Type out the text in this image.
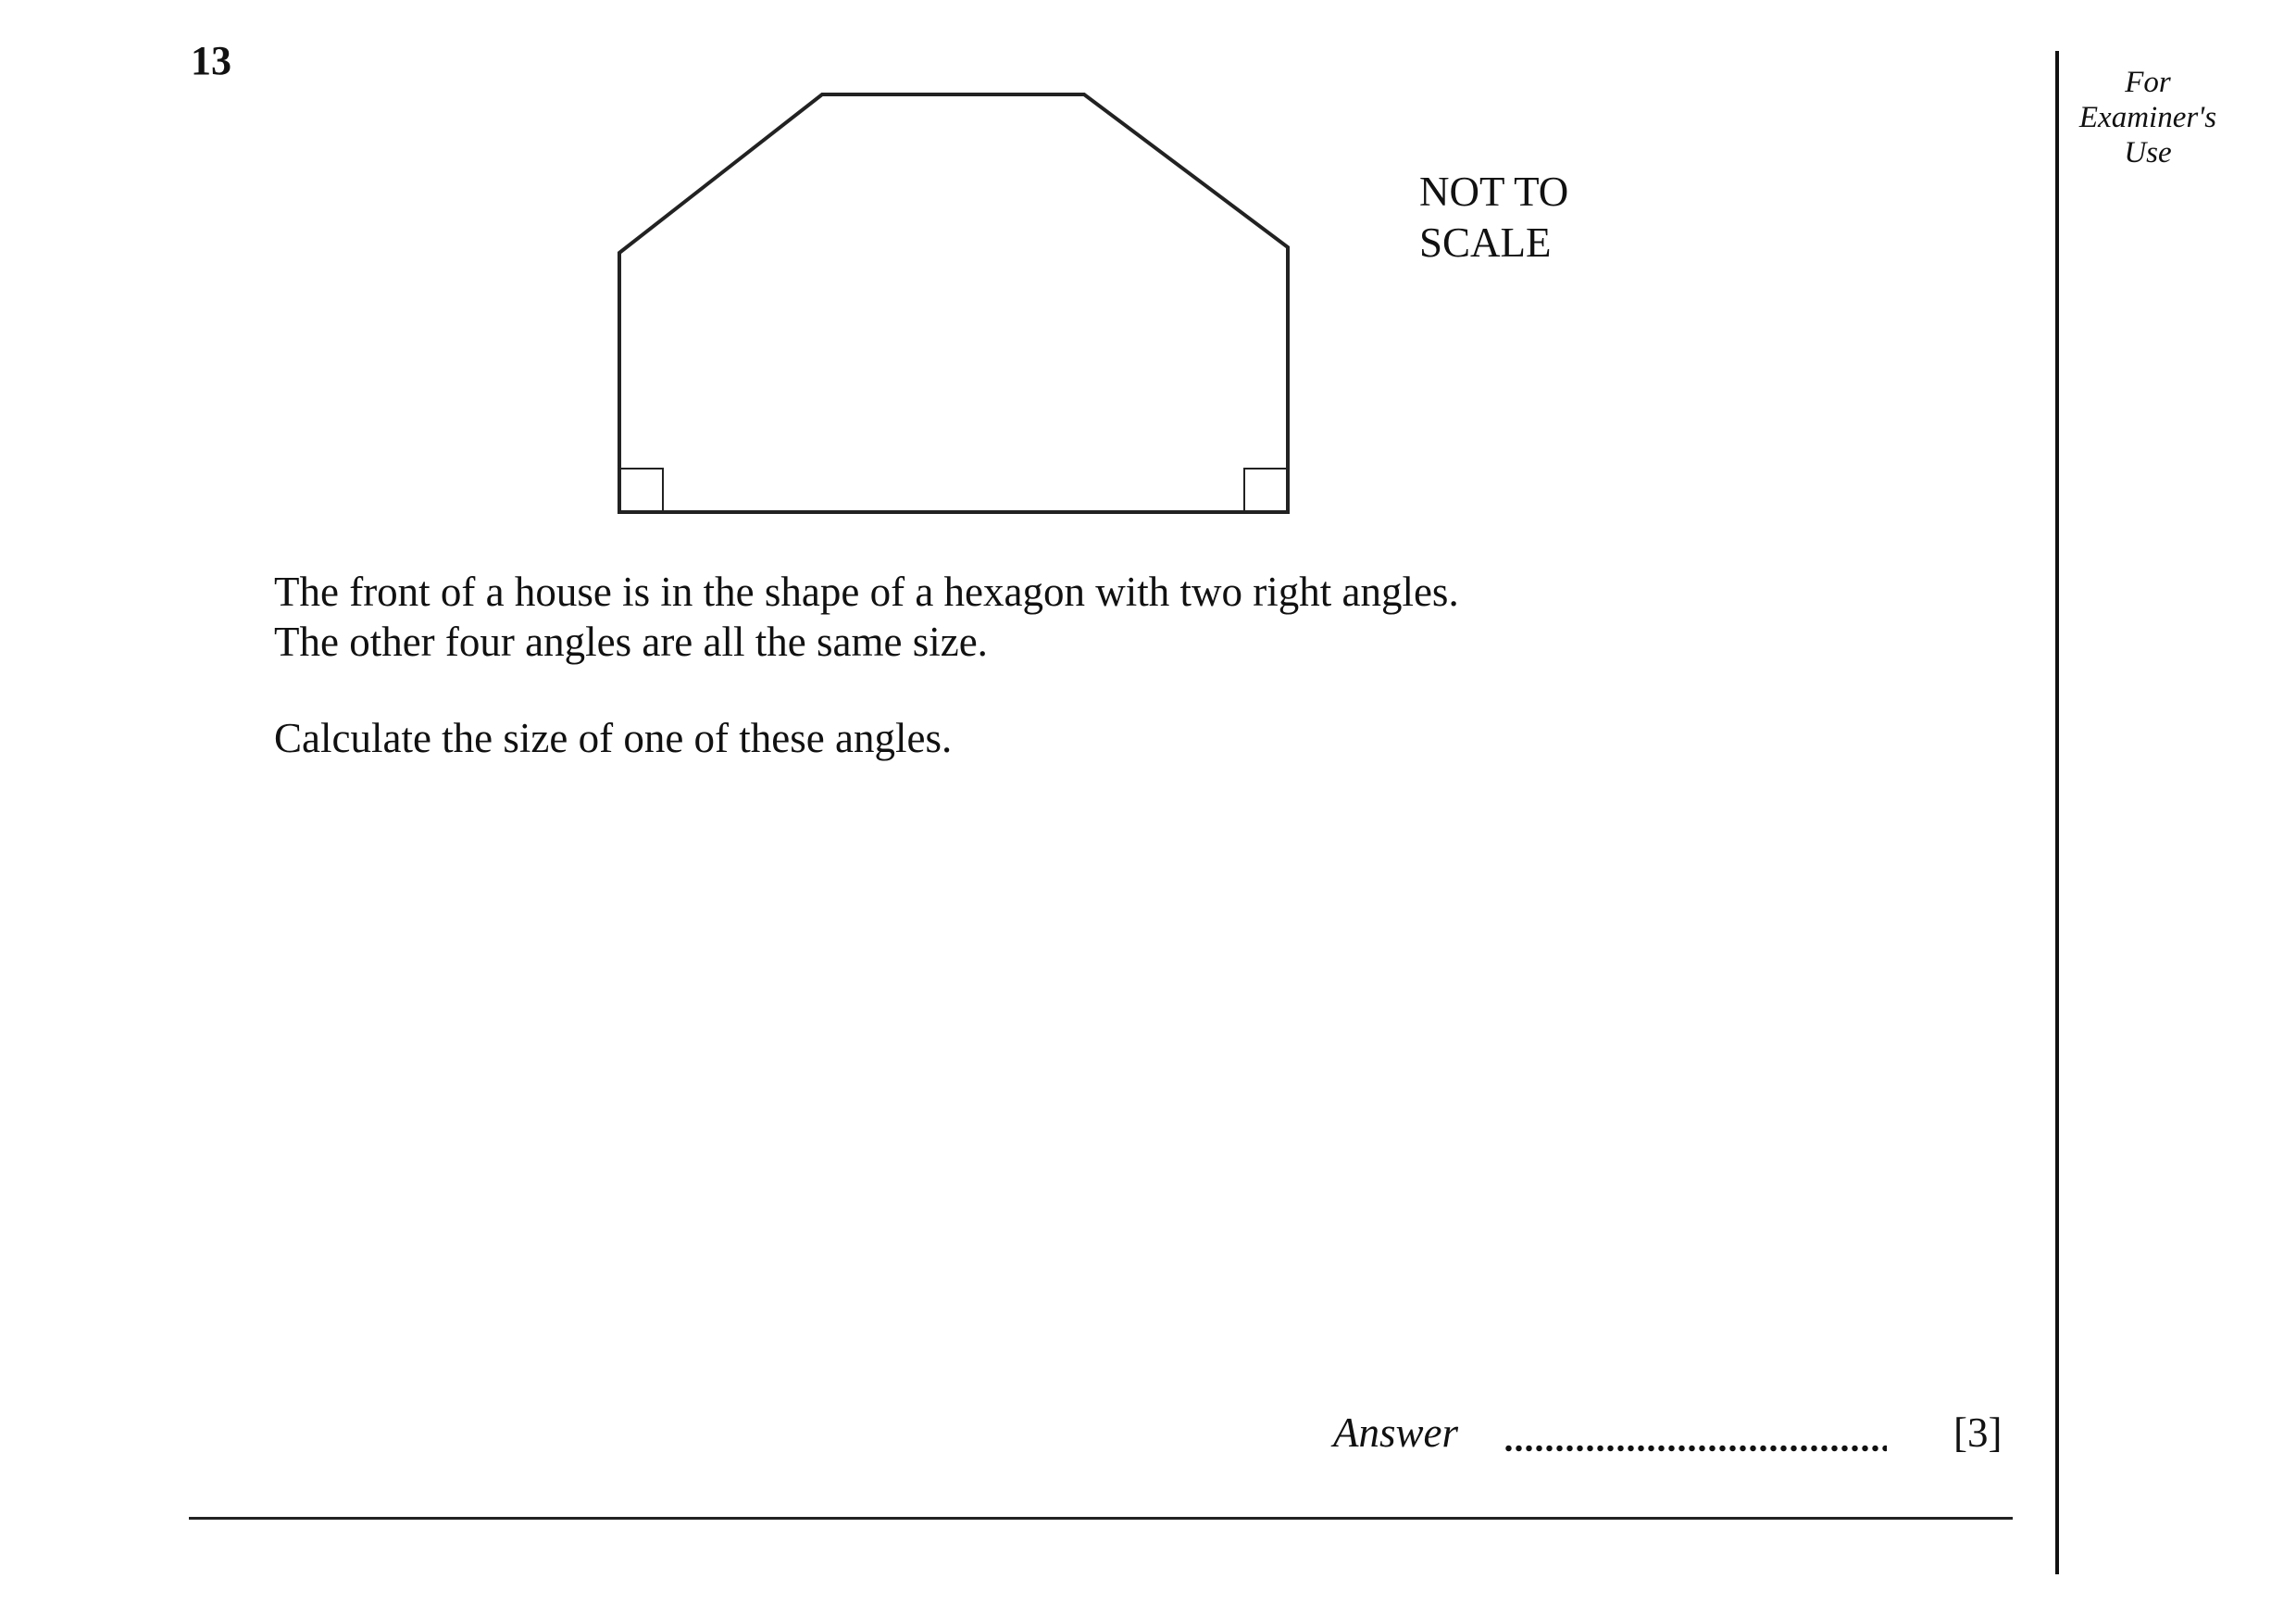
13
NOT TO
SCALE

The front of a house is in the shape of a hexagon with two right angles.

The other four angles are all the same size.

Calculate the size of one of these angles.

Answer	[3]
For
Examiner's
Use
